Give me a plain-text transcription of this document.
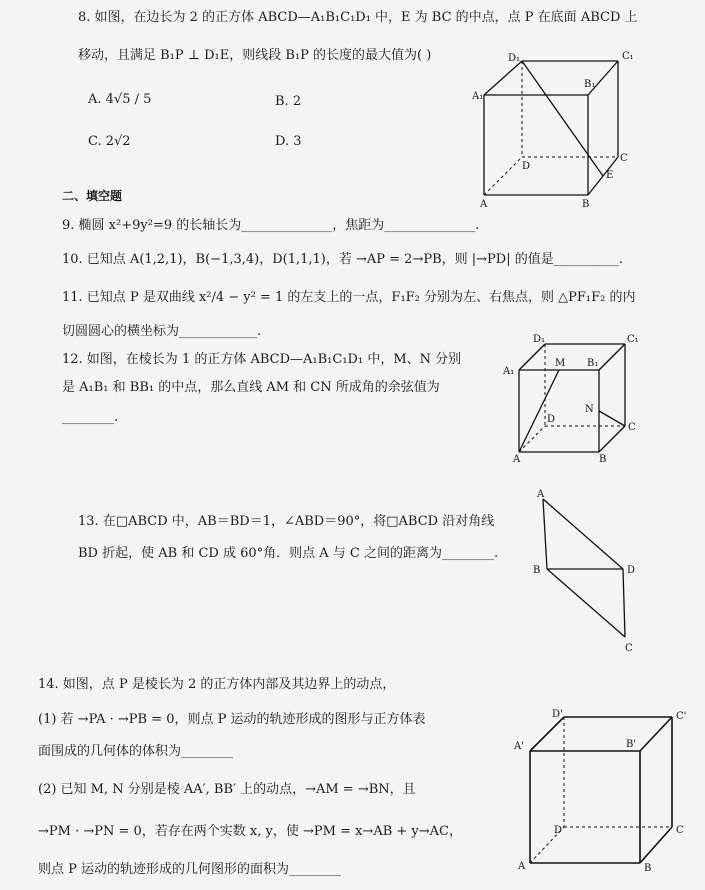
8. 如图，在边长为 2 的正方体 ABCD—A₁B₁C₁D₁ 中，E 为 BC 的中点，点 P 在底面 ABCD 上
移动，且满足 B₁P ⊥ D₁E，则线段 B₁P 的长度的最大值为( )
A. 4√5 / 5	B. 2
C. 2√2	D. 3
D₁	C₁
A₁
B₁
D
C
E
B
A
二、填空题
9. 椭圆 x²+9y²=9 的长轴长为______________，焦距为______________.
10. 已知点 A(1,2,1)，B(−1,3,4)，D(1,1,1)，若 →AP = 2→PB，则 |→PD| 的值是__________.
11. 已知点 P 是双曲线 x²/4 − y² = 1 的左支上的一点，F₁F₂ 分别为左、右焦点，则 △PF₁F₂ 的内
切圆圆心的横坐标为____________.
12. 如图，在棱长为 1 的正方体 ABCD—A₁B₁C₁D₁ 中，M、N 分别
是 A₁B₁ 和 BB₁ 的中点，那么直线 AM 和 CN 所成角的余弦值为
________.
D₁	C₁
A₁
M B₁
N
D
C
A	B
13. 在□ABCD 中，AB＝BD＝1，∠ABD＝90°，将□ABCD 沿对角线
BD 折起，使 AB 和 CD 成 60°角．则点 A 与 C 之间的距离为________.
A
B	D
C
14. 如图，点 P 是棱长为 2 的正方体内部及其边界上的动点，
(1) 若 →PA · →PB = 0，则点 P 运动的轨迹形成的图形与正方体表
面围成的几何体的体积为________
(2) 已知 M, N 分别是棱 AA′, BB′ 上的动点，→AM = →BN，且
→PM · →PN = 0，若存在两个实数 x, y，使 →PM = x→AB + y→AC，
则点 P 运动的轨迹形成的几何图形的面积为________
D'	C'
A'	B'
D	C
A	B
